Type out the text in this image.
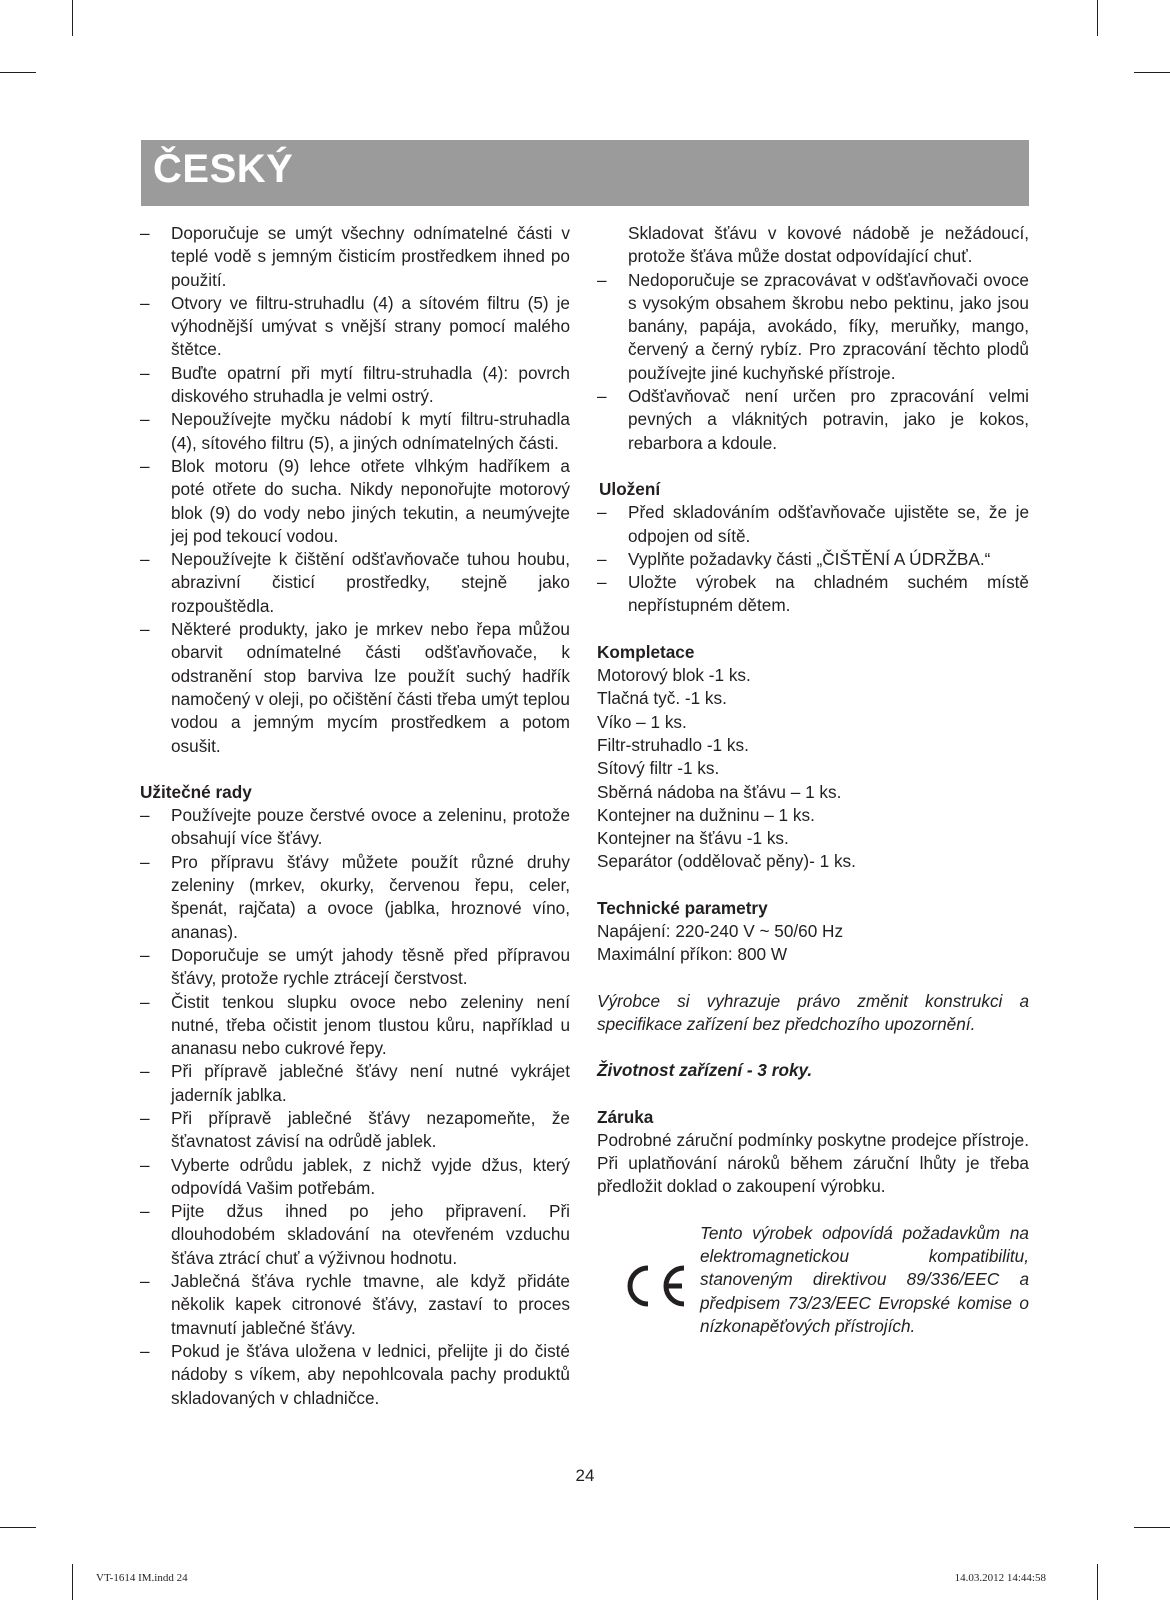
ČESKÝ
– Doporučuje se umýt všechny odnímatelné části v teplé vodě s jemným čisticím prostředkem ihned po použití.
– Otvory ve filtru-struhadlu (4) a sítovém filtru (5) je výhodnější umývat s vnější strany pomocí malého štětce.
– Buďte opatrní při mytí filtru-struhadla (4): povrch diskového struhadla je velmi ostrý.
– Nepoužívejte myčku nádobí k mytí filtru-struhadla (4), sítového filtru (5), a jiných odnímatelných části.
– Blok motoru (9) lehce otřete vlhkým hadříkem a poté otřete do sucha. Nikdy neponořujte motorový blok (9) do vody nebo jiných tekutin, a neumývejte jej pod tekoucí vodou.
– Nepoužívejte k čištění odšťavňovače tuhou houbu, abrazivní čisticí prostředky, stejně jako rozpouštědla.
– Některé produkty, jako je mrkev nebo řepa můžou obarvit odnímatelné části odšťavňovače, k odstranění stop barviva lze použít suchý hadřík namočený v oleji, po očištění části třeba umýt teplou vodou a jemným mycím prostředkem a potom osušit.
Užitečné rady
– Používejte pouze čerstvé ovoce a zeleninu, protože obsahují více šťávy.
– Pro přípravu šťávy můžete použít různé druhy zeleniny (mrkev, okurky, červenou řepu, celer, špenát, rajčata) a ovoce (jablka, hroznové víno, ananas).
– Doporučuje se umýt jahody těsně před přípravou šťávy, protože rychle ztrácejí čerstvost.
– Čistit tenkou slupku ovoce nebo zeleniny není nutné, třeba očistit jenom tlustou kůru, například u ananasu nebo cukrové řepy.
– Při přípravě jablečné šťávy není nutné vykrájet jaderník jablka.
– Při přípravě jablečné šťávy nezapomeňte, že šťavnatost závisí na odrůdě jablek.
– Vyberte odrůdu jablek, z nichž vyjde džus, který odpovídá Vašim potřebám.
– Pijte džus ihned po jeho připravení. Při dlouhodobém skladování na otevřeném vzduchu šťáva ztrácí chuť a výživnou hodnotu.
– Jablečná šťáva rychle tmavne, ale když přidáte několik kapek citronové šťávy, zastaví to proces tmavnutí jablečné šťávy.
– Pokud je šťáva uložena v lednici, přelijte ji do čisté nádoby s víkem, aby nepohlcovala pachy produktů skladovaných v chladničce.

Skladovat šťávu v kovové nádobě je nežádoucí, protože šťáva může dostat odpovídající chuť.

– Nedoporučuje se zpracovávat v odšťavňovači ovoce s vysokým obsahem škrobu nebo pektinu, jako jsou banány, papája, avokádo, fíky, meruňky, mango, červený a černý rybíz. Pro zpracování těchto plodů používejte jiné kuchyňské přístroje.
– Odšťavňovač není určen pro zpracování velmi pevných a vláknitých potravin, jako je kokos, rebarbora a kdoule.
Uložení
– Před skladováním odšťavňovače ujistěte se, že je odpojen od sítě.
– Vyplňte požadavky části „ČIŠTĚNÍ A ÚDRŽBA.“
– Uložte výrobek na chladném suchém místě nepřístupném dětem.
Kompletace
Motorový blok -1 ks.
Tlačná tyč. -1 ks.
Víko – 1 ks.
Filtr-struhadlo -1 ks.
Sítový filtr -1 ks.
Sběrná nádoba na šťávu – 1 ks.
Kontejner na dužninu – 1 ks.
Kontejner na šťávu -1 ks.
Separátor (oddělovač pěny)- 1 ks.
Technické parametry
Napájení: 220-240 V ~ 50/60 Hz
Maximální příkon: 800 W

Výrobce si vyhrazuje právo změnit konstrukci a specifikace zařízení bez předchozího upozornění.

Životnost zařízení - 3 roky.
Záruka

Podrobné záruční podmínky poskytne prodejce přístroje. Při uplatňování nároků během záruční lhůty je třeba předložit doklad o zakoupení výrobku.

Tento výrobek odpovídá požadavkům na elektromagnetickou kompatibilitu, stanoveným direktivou 89/336/EEC a předpisem 73/23/EEC Evropské komise o nízkonapěťových přístrojích.
24
VT-1614 IM.indd 24	14.03.2012 14:44:58
